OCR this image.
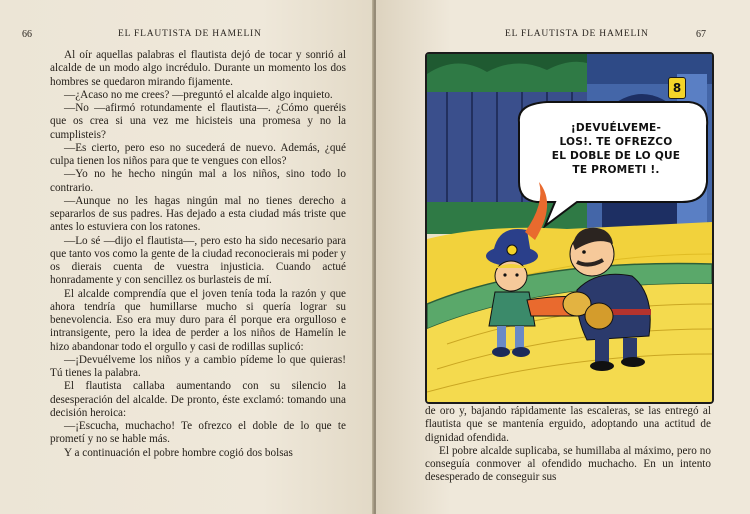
66	EL FLAUTISTA DE HAMELIN

Al oír aquellas palabras el flautista dejó de tocar y sonrió al alcalde de un modo algo incrédulo. Durante un momento los dos hombres se quedaron mirando fijamente.

—¿Acaso no me crees? —preguntó el alcalde algo inquieto.

—No —afirmó rotundamente el flautista—. ¿Cómo queréis que os crea si una vez me hicisteis una promesa y no la cumplisteis?

—Es cierto, pero eso no sucederá de nuevo. Además, ¿qué culpa tienen los niños para que te vengues con ellos?

—Yo no he hecho ningún mal a los niños, sino todo lo contrario.

—Aunque no les hagas ningún mal no tienes derecho a separarlos de sus padres. Has dejado a esta ciudad más triste que antes lo estuviera con los ratones.

—Lo sé —dijo el flautista—, pero esto ha sido necesario para que tanto vos como la gente de la ciudad reconocierais mi poder y os dierais cuenta de vuestra injusticia. Cuando actué honradamente y con sencillez os burlasteis de mí.

El alcalde comprendía que el joven tenía toda la razón y que ahora tendría que humillarse mucho si quería lograr su benevolencia. Eso era muy duro para él porque era orgulloso e intransigente, pero la idea de perder a los niños de Hamelín le hizo abandonar todo el orgullo y casi de rodillas suplicó:

—¡Devuélveme los niños y a cambio pídeme lo que quieras! Tú tienes la palabra.

El flautista callaba aumentando con su silencio la desesperación del alcalde. De pronto, éste exclamó: tomando una decisión heroica:

—¡Escucha, muchacho! Te ofrezco el doble de lo que te prometí y no se hable más.

Y a continuación el pobre hombre cogió dos bolsas

EL FLAUTISTA DE HAMELIN	67
8
¡DEVUÉLVEME-
LOS!. TE OFREZCO
EL DOBLE DE LO QUE
TE PROMETI !.

de oro y, bajando rápidamente las escaleras, se las entregó al flautista que se mantenía erguido, adoptando una actitud de dignidad ofendida.

El pobre alcalde suplicaba, se humillaba al máximo, pero no conseguía conmover al ofendido muchacho. En un intento desesperado de conseguir sus
